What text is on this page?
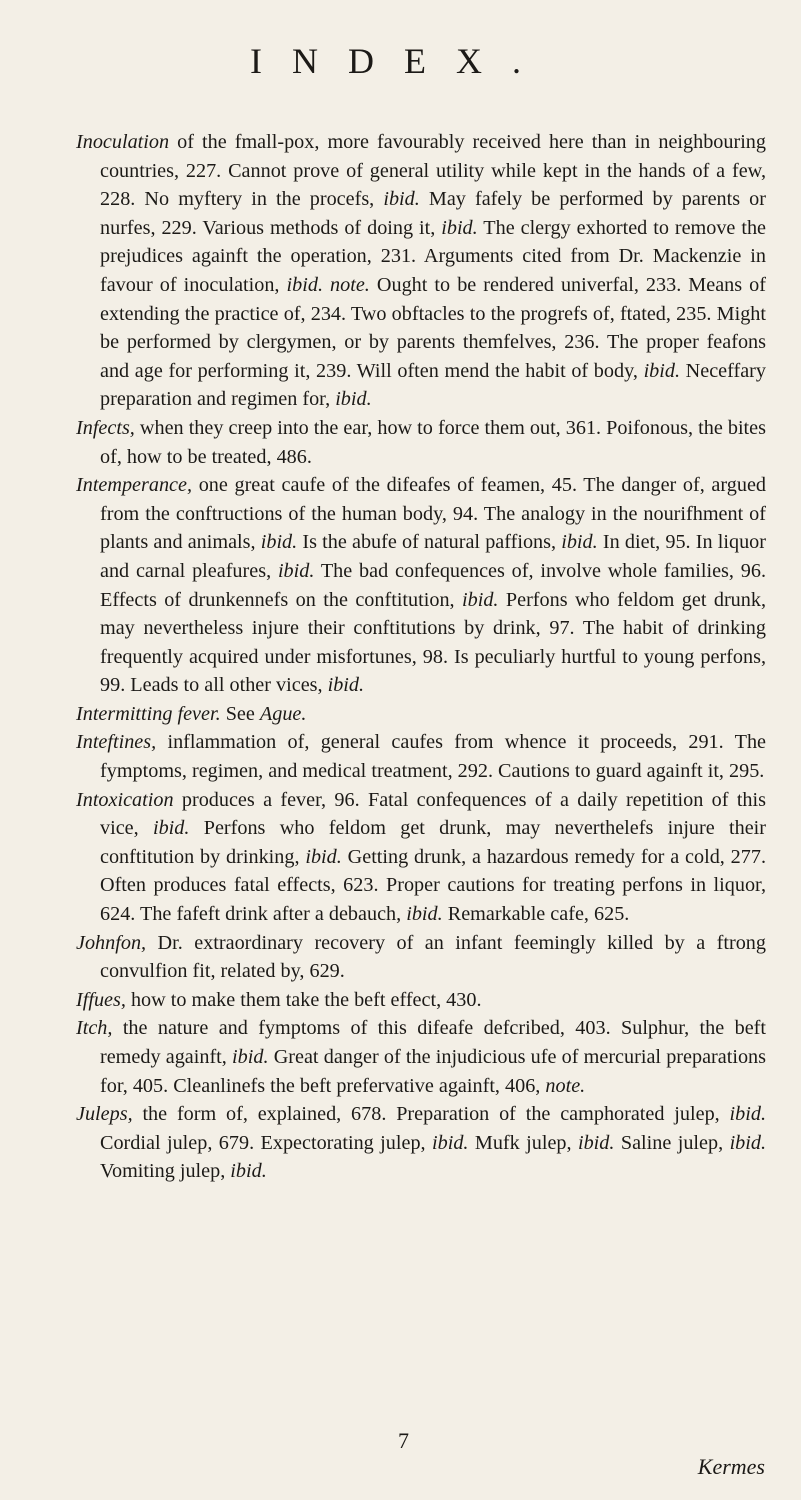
INDEX.

Inoculation of the fmall-pox, more favourably received here than in neighbouring countries, 227. Cannot prove of general utility while kept in the hands of a few, 228. No myftery in the procefs, ibid. May fafely be performed by parents or nurfes, 229. Various methods of doing it, ibid. The clergy exhorted to remove the prejudices againft the operation, 231. Arguments cited from Dr. Mackenzie in favour of inoculation, ibid. note. Ought to be rendered univerfal, 233. Means of extending the practice of, 234. Two obftacles to the progrefs of, ftated, 235. Might be performed by clergymen, or by parents themfelves, 236. The proper feafons and age for performing it, 239. Will often mend the habit of body, ibid. Neceffary preparation and regimen for, ibid.

Infects, when they creep into the ear, how to force them out, 361. Poifonous, the bites of, how to be treated, 486.

Intemperance, one great caufe of the difeafes of feamen, 45. The danger of, argued from the conftructions of the human body, 94. The analogy in the nourifhment of plants and animals, ibid. Is the abufe of natural paffions, ibid. In diet, 95. In liquor and carnal pleafures, ibid. The bad confequences of, involve whole families, 96. Effects of drunkennefs on the conftitution, ibid. Perfons who feldom get drunk, may nevertheless injure their conftitutions by drink, 97. The habit of drinking frequently acquired under misfortunes, 98. Is peculiarly hurtful to young perfons, 99. Leads to all other vices, ibid.

Intermitting fever. See Ague.

Inteftines, inflammation of, general caufes from whence it proceeds, 291. The fymptoms, regimen, and medical treatment, 292. Cautions to guard againft it, 295.

Intoxication produces a fever, 96. Fatal confequences of a daily repetition of this vice, ibid. Perfons who feldom get drunk, may neverthelefs injure their conftitution by drinking, ibid. Getting drunk, a hazardous remedy for a cold, 277. Often produces fatal effects, 623. Proper cautions for treating perfons in liquor, 624. The fafeft drink after a debauch, ibid. Remarkable cafe, 625.

Johnfon, Dr. extraordinary recovery of an infant feemingly killed by a ftrong convulfion fit, related by, 629.

Iffues, how to make them take the beft effect, 430.

Itch, the nature and fymptoms of this difeafe defcribed, 403. Sulphur, the beft remedy againft, ibid. Great danger of the injudicious ufe of mercurial preparations for, 405. Cleanlinefs the beft prefervative againft, 406, note.

Juleps, the form of, explained, 678. Preparation of the camphorated julep, ibid. Cordial julep, 679. Expectorating julep, ibid. Mufk julep, ibid. Saline julep, ibid. Vomiting julep, ibid.

7
Kermes
